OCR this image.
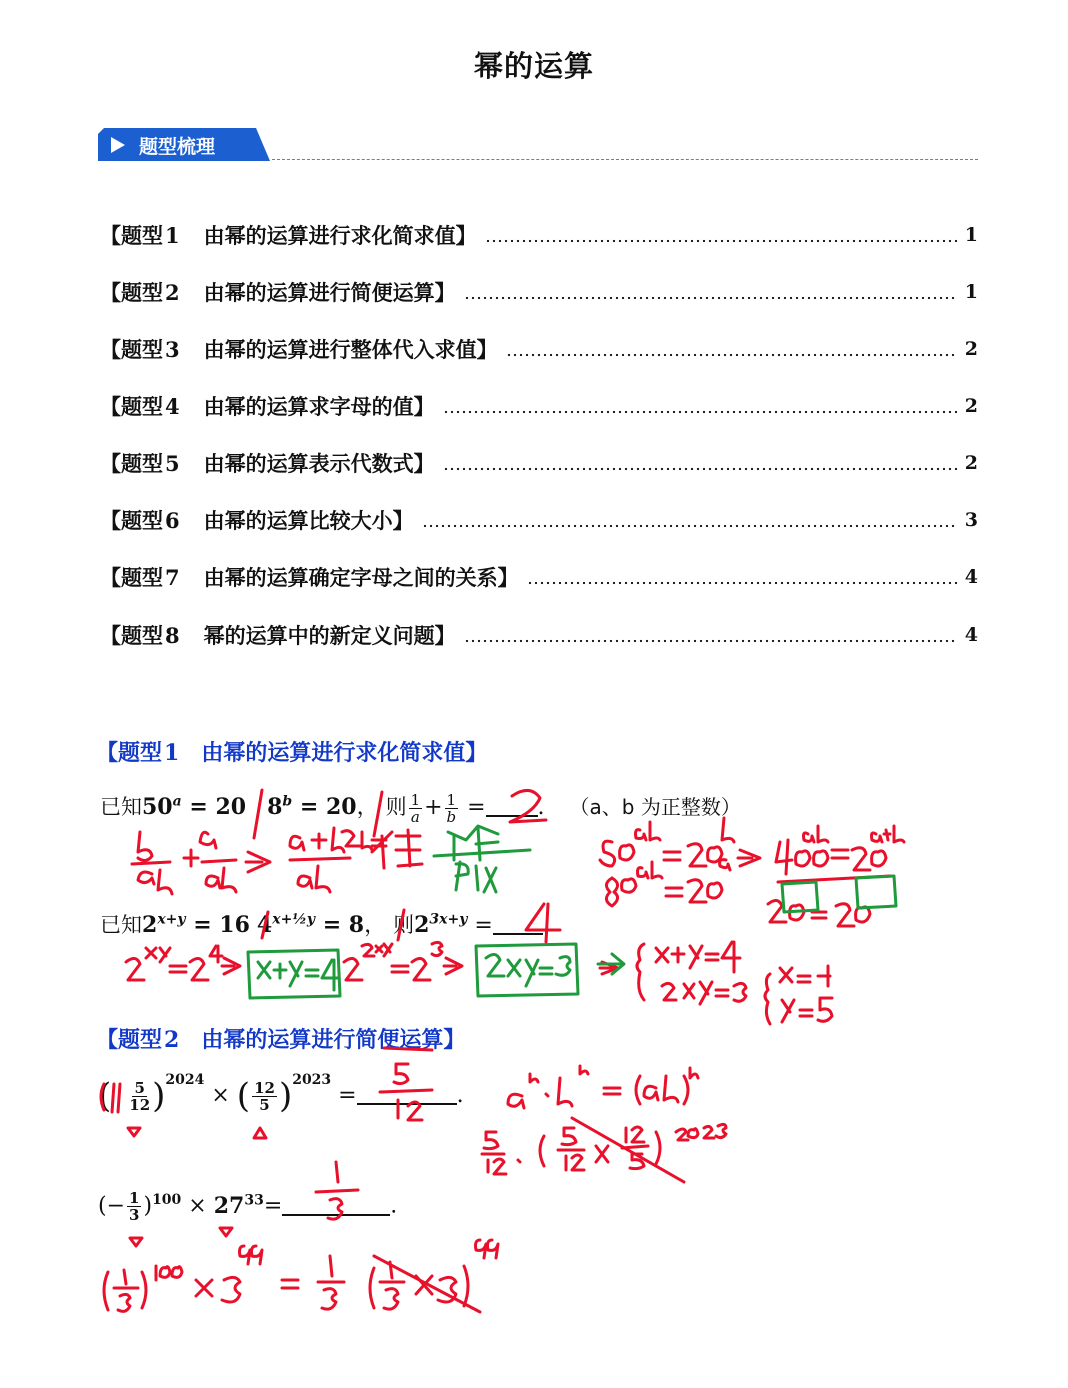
幂的运算
题型梳理
【题型1 由幂的运算进行求化简求值】	1
【题型2 由幂的运算进行简便运算】	1
【题型3 由幂的运算进行整体代入求值】	2
【题型4 由幂的运算求字母的值】	2
【题型5 由幂的运算表示代数式】	2
【题型6 由幂的运算比较大小】	3
【题型7 由幂的运算确定字母之间的关系】	4
【题型8 幂的运算中的新定义问题】	4
【题型1 由幂的运算进行求化简求值】
已知$50^a = 20$ $8^b = 20$， 则 $\frac{1}{a} + \frac{1}{b}$ = . （a、b 为正整数）
已知$2^{x+y} = 16$ $4^{x+\frac{1}{2}y} = 8$， 则$2^{3x+y}$ = .
【题型2 由幂的运算进行简便运算】
( $\frac{5}{12} )^{2024}$ × ( $\frac{12}{5} )^{2023}$ =	.
(− $\frac{1}{3} )^{100} \times 27^{33}=$	.
